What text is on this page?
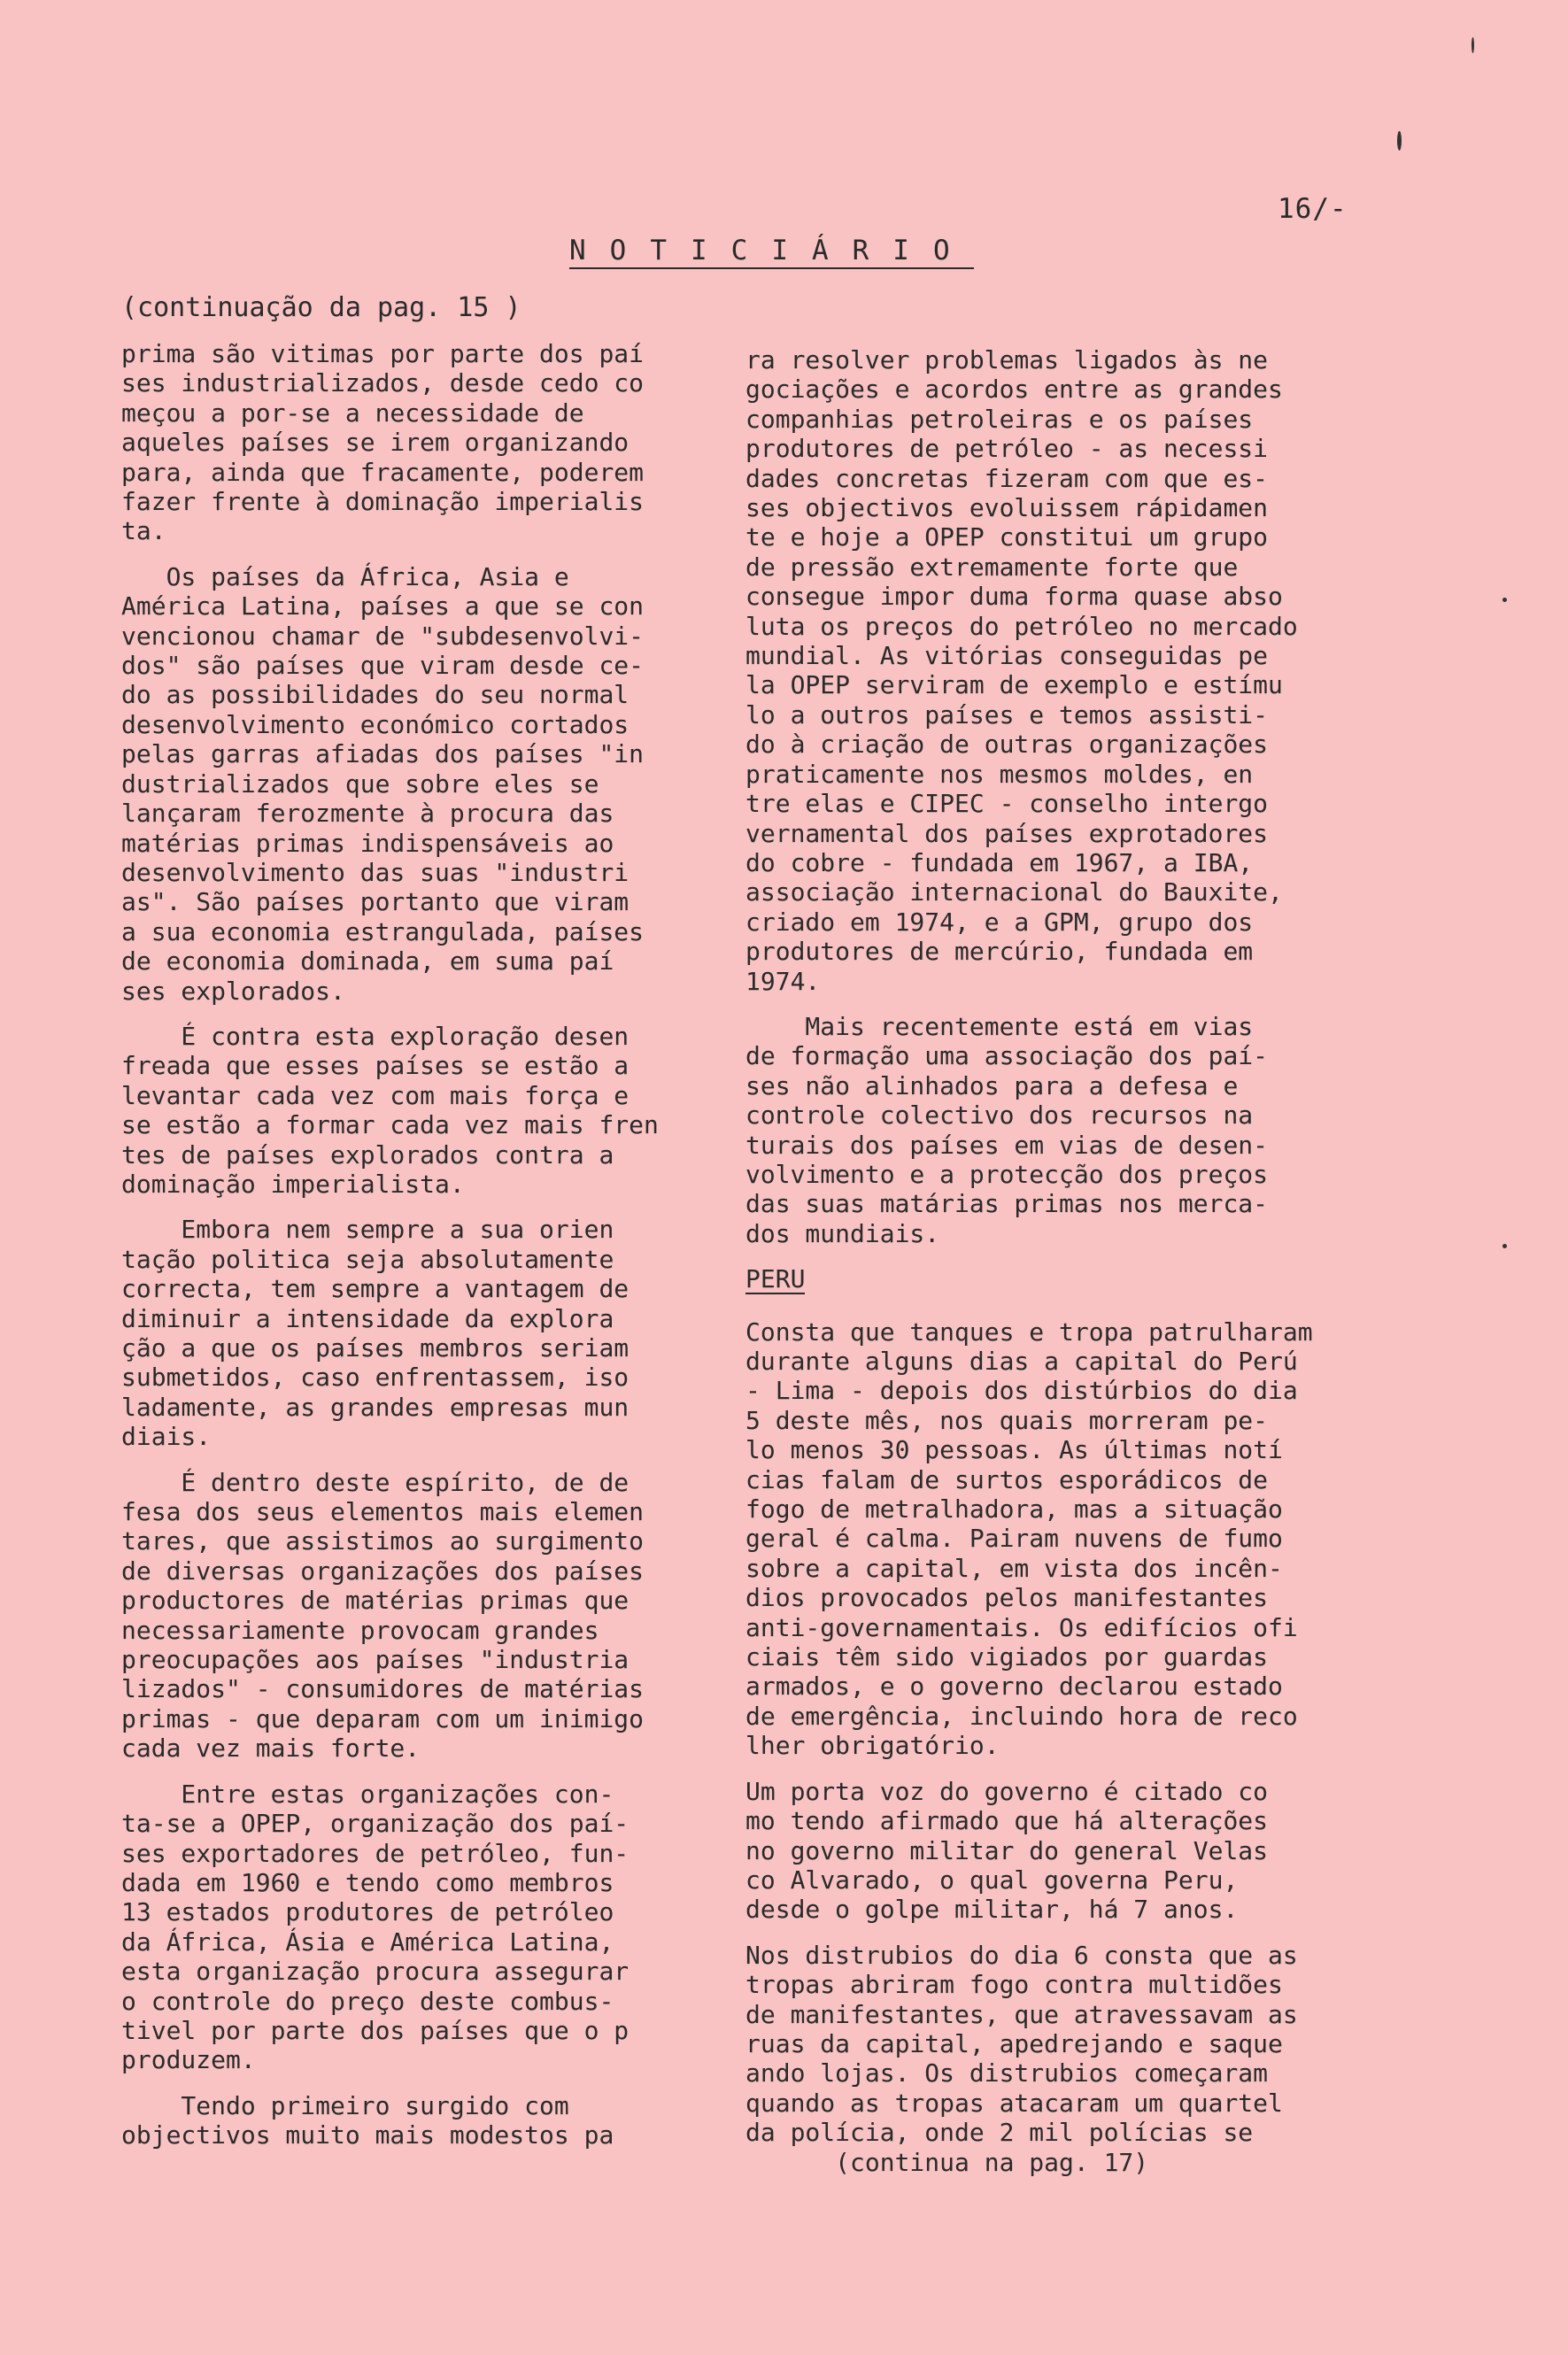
16/-
NOTICIÁRIO
(continuação da pag. 15 )
prima são vitimas por parte dos paí
ses industrializados, desde cedo co
meçou a por-se a necessidade de
aqueles países se irem organizando
para, ainda que fracamente, poderem
fazer frente à dominação imperialis
ta.
Os países da África, Asia e
América Latina, países a que se con
vencionou chamar de "subdesenvolvi-
dos" são países que viram desde ce-
do as possibilidades do seu normal
desenvolvimento económico cortados
pelas garras afiadas dos países "in
dustrializados que sobre eles se
lançaram ferozmente à procura das
matérias primas indispensáveis ao
desenvolvimento das suas "industri
as". São países portanto que viram
a sua economia estrangulada, países
de economia dominada, em suma paí
ses explorados.
É contra esta exploração desen
freada que esses países se estão a
levantar cada vez com mais força e
se estão a formar cada vez mais fren
tes de países explorados contra a
dominação imperialista.
Embora nem sempre a sua orien
tação politica seja absolutamente
correcta, tem sempre a vantagem de
diminuir a intensidade da explora
ção a que os países membros seriam
submetidos, caso enfrentassem, iso
ladamente, as grandes empresas mun
diais.
É dentro deste espírito, de de
fesa dos seus elementos mais elemen
tares, que assistimos ao surgimento
de diversas organizações dos países
productores de matérias primas que
necessariamente provocam grandes
preocupações aos países "industria
lizados" - consumidores de matérias
primas - que deparam com um inimigo
cada vez mais forte.
Entre estas organizações con-
ta-se a OPEP, organização dos paí-
ses exportadores de petróleo, fun-
dada em 1960 e tendo como membros
13 estados produtores de petróleo
da África, Ásia e América Latina,
esta organização procura assegurar
o controle do preço deste combus-
tivel por parte dos países que o p
produzem.
Tendo primeiro surgido com
objectivos muito mais modestos pa
ra resolver problemas ligados às ne
gociações e acordos entre as grandes
companhias petroleiras e os países
produtores de petróleo - as necessi
dades concretas fizeram com que es-
ses objectivos evoluissem rápidamen
te e hoje a OPEP constitui um grupo
de pressão extremamente forte que
consegue impor duma forma quase abso
luta os preços do petróleo no mercado
mundial. As vitórias conseguidas pe
la OPEP serviram de exemplo e estímu
lo a outros países e temos assisti-
do à criação de outras organizações
praticamente nos mesmos moldes, en
tre elas e CIPEC - conselho intergo
vernamental dos países exprotadores
do cobre - fundada em 1967, a IBA,
associação internacional do Bauxite,
criado em 1974, e a GPM, grupo dos
produtores de mercúrio, fundada em
1974.
Mais recentemente está em vias
de formação uma associação dos paí-
ses não alinhados para a defesa e
controle colectivo dos recursos na
turais dos países em vias de desen-
volvimento e a protecção dos preços
das suas matárias primas nos merca-
dos mundiais.
PERU
Consta que tanques e tropa patrulharam
durante alguns dias a capital do Perú
- Lima - depois dos distúrbios do dia
5 deste mês, nos quais morreram pe-
lo menos 30 pessoas. As últimas notí
cias falam de surtos esporádicos de
fogo de metralhadora, mas a situação
geral é calma. Pairam nuvens de fumo
sobre a capital, em vista dos incên-
dios provocados pelos manifestantes
anti-governamentais. Os edifícios ofi
ciais têm sido vigiados por guardas
armados, e o governo declarou estado
de emergência, incluindo hora de reco
lher obrigatório.
Um porta voz do governo é citado co
mo tendo afirmado que há alterações
no governo militar do general Velas
co Alvarado, o qual governa Peru,
desde o golpe militar, há 7 anos.
Nos distrubios do dia 6 consta que as
tropas abriram fogo contra multidões
de manifestantes, que atravessavam as
ruas da capital, apedrejando e saque
ando lojas. Os distrubios começaram
quando as tropas atacaram um quartel
da polícia, onde 2 mil polícias se
(continua na pag. 17)
